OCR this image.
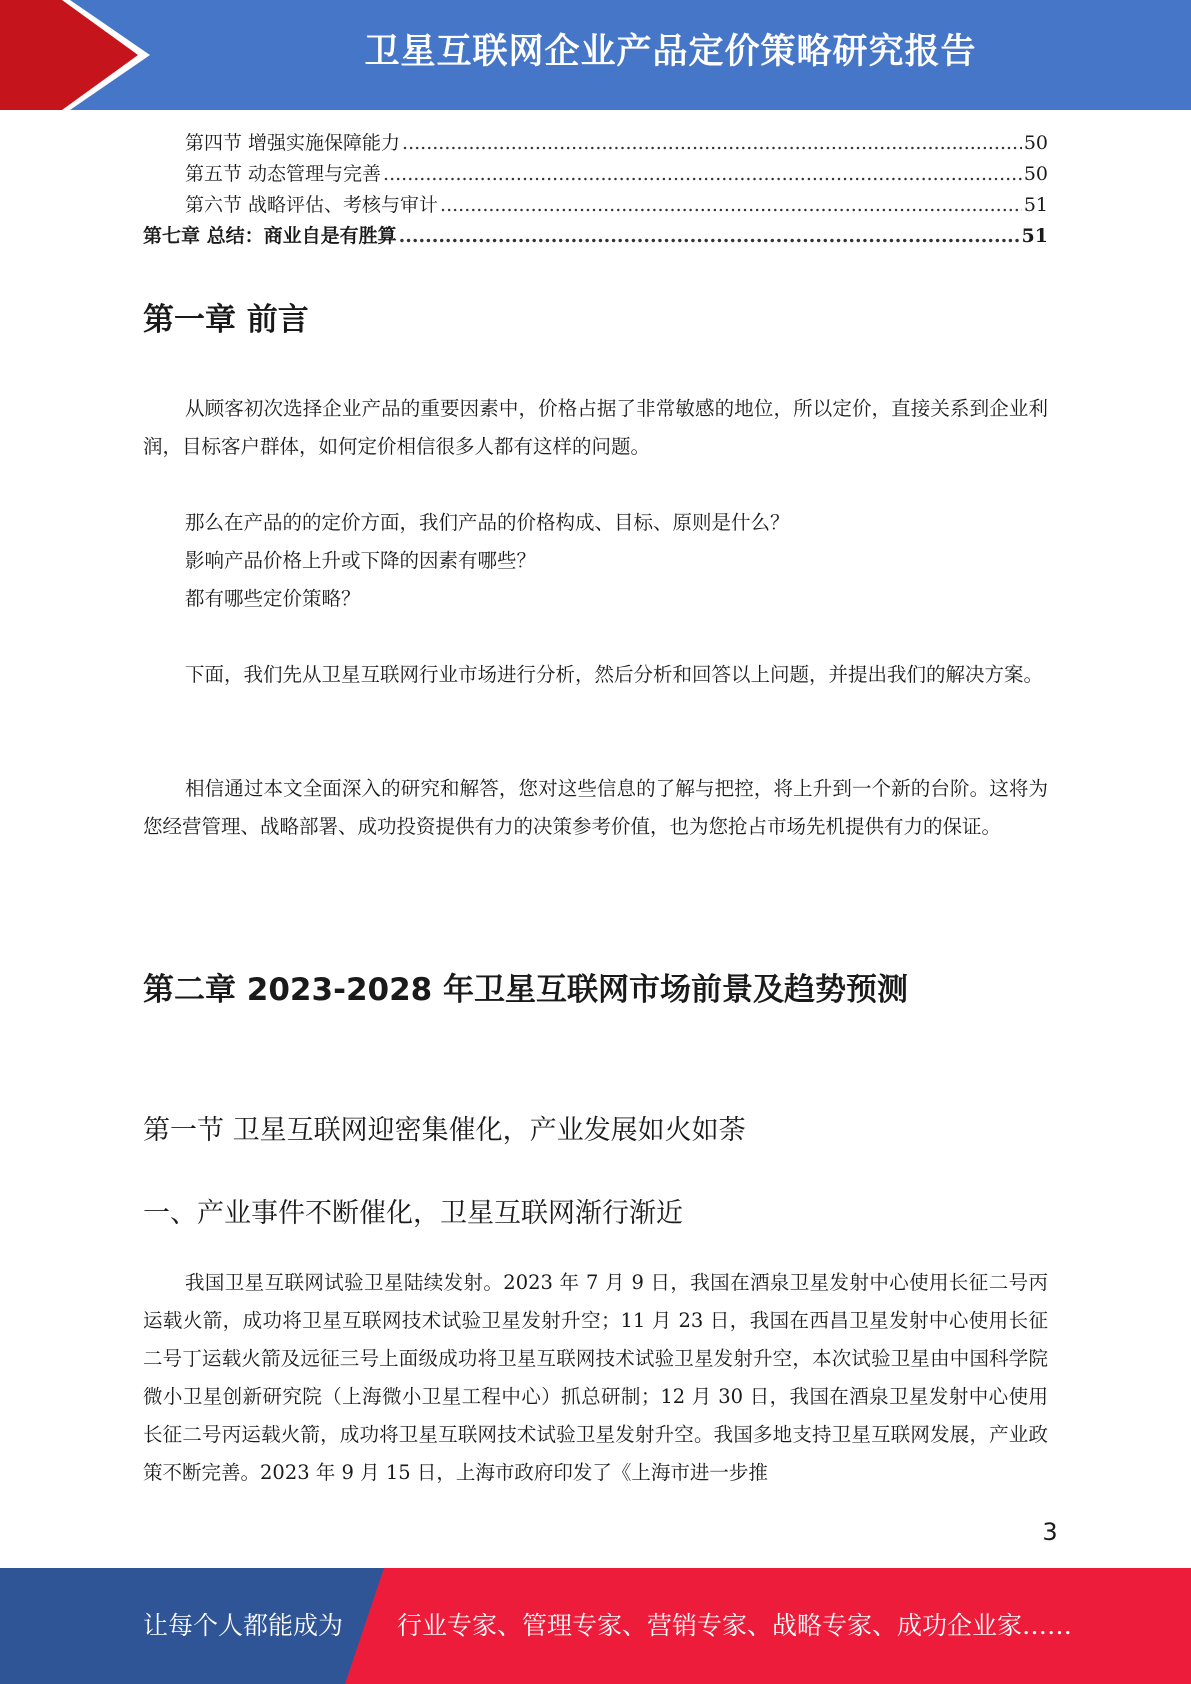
卫星互联网企业产品定价策略研究报告
第四节 增强实施保障能力 .....	50
第五节 动态管理与完善 .....	50
第六节 战略评估、考核与审计 .....	51
第七章 总结：商业自是有胜算 .....	51
第一章 前言

从顾客初次选择企业产品的重要因素中，价格占据了非常敏感的地位，所以定价，直接关系到企业利润，目标客户群体，如何定价相信很多人都有这样的问题。

那么在产品的的定价方面，我们产品的价格构成、目标、原则是什么？

影响产品价格上升或下降的因素有哪些？

都有哪些定价策略？

下面，我们先从卫星互联网行业市场进行分析，然后分析和回答以上问题，并提出我们的解决方案。

相信通过本文全面深入的研究和解答，您对这些信息的了解与把控，将上升到一个新的台阶。这将为您经营管理、战略部署、成功投资提供有力的决策参考价值，也为您抢占市场先机提供有力的保证。

第二章 2023-2028 年卫星互联网市场前景及趋势预测
第一节 卫星互联网迎密集催化，产业发展如火如荼
一、产业事件不断催化，卫星互联网渐行渐近

我国卫星互联网试验卫星陆续发射。2023 年 7 月 9 日，我国在酒泉卫星发射中心使用长征二号丙运载火箭，成功将卫星互联网技术试验卫星发射升空；11 月 23 日，我国在西昌卫星发射中心使用长征二号丁运载火箭及远征三号上面级成功将卫星互联网技术试验卫星发射升空，本次试验卫星由中国科学院微小卫星创新研究院（上海微小卫星工程中心）抓总研制；12 月 30 日，我国在酒泉卫星发射中心使用长征二号丙运载火箭，成功将卫星互联网技术试验卫星发射升空。我国多地支持卫星互联网发展，产业政策不断完善。2023 年 9 月 15 日，上海市政府印发了《上海市进一步推

3
让每个人都能成为 行业专家、管理专家、营销专家、战略专家、成功企业家……
